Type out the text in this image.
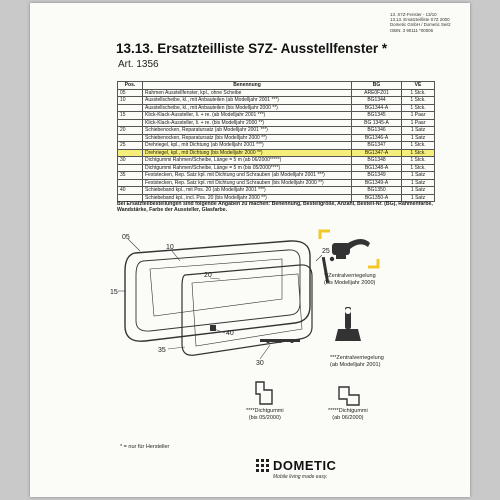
13. S7Z-Fenster - 13/10
13.13. Ersatzteilliste S7Z 2000
Dometic GmbH / Dometic Seitz
ISBN: 3 90111 *00006
13.13. Ersatzteilliste S7Z- Ausstellfenster *
Art. 1356
Pos.	Benennung	BG	VE
05	Rahmen Ausstellfenster, kpl., ohne Scheibe	ARE0FZ01	1 Stck.
10	Ausstellscheibe, kl., mit Anbauteilen (ab Modelljahr 2001 ***)	BG1344	1 Stck.
	Ausstellscheibe, kl., mit Anbauteilen (bis Modelljahr 2000 **)	BG1344-A	1 Stck.
15	Klick-Klack-Aussteller, li. + re. (ab Modelljahr 2001 ***)	BG1345	1 Paar
	Klick-Klack-Aussteller, li. + re. (bis Modelljahr 2000 **)	BG 1345-A	1 Paar
20	Schiebenocken, Reparatursatz (ab Modelljahr 2001 ***)	BG1346	1 Satz
	Schiebenocken, Reparatursatz (bis Modelljahr 2000 **)	BG1346-A	1 Satz
25	Drehriegel, kpl., mit Dichtung (ab Modelljahr 2001 ***)	BG1347	1 Stck.
	Drehriegel, kpl., mit Dichtung (bis Modelljahr 2000 **)	BG1347-A	1 Stck.
30	Dichtgummi Rahmen/Scheibe, Länge = 5 m (ab 06/2000*****)	BG1348	1 Stck.
	Dichtgummi Rahmen/Scheibe, Länge = 5 m (bis 05/2000****)	BG1348-A	1 Stck.
35	Feststecken, Rep. Satz kpl. mit Dichtung und Schrauben (ab Modelljahr 2001 ***)	BG1349	1 Satz
	Feststecken, Rep. Satz kpl. mit Dichtung und Schrauben (bis Modelljahr 2000 **)	BG1349-A	1 Satz
40	Schiebeband kpl., mit Pos. 20 (ab Modelljahr 2001 ***)	BG1350	1 Satz
	Schiebeband kpl., incl. Pos. 20 (bis Modelljahr 2000 **)	BG1350-A	1 Satz
Bei Ersatzteilbestellungen sind folgende Angaben zu machen: Benennung, Bestellgröße, Anzahl, Bestell-Nr. (BG), Rahmenfarbe, Wandstärke, Farbe der Aussteller, Glasfarbe.
05
10
15
20
25
30
35
40
**Zentralverriegelung
(bis Modelljahr 2000)
***Zentralverriegelung
(ab Modelljahr 2001)
****Dichtgummi
(bis 05/2000)
*****Dichtgummi
(ab 06/2000)
* = nur für Hersteller
DOMETIC
Mobile living made easy.
